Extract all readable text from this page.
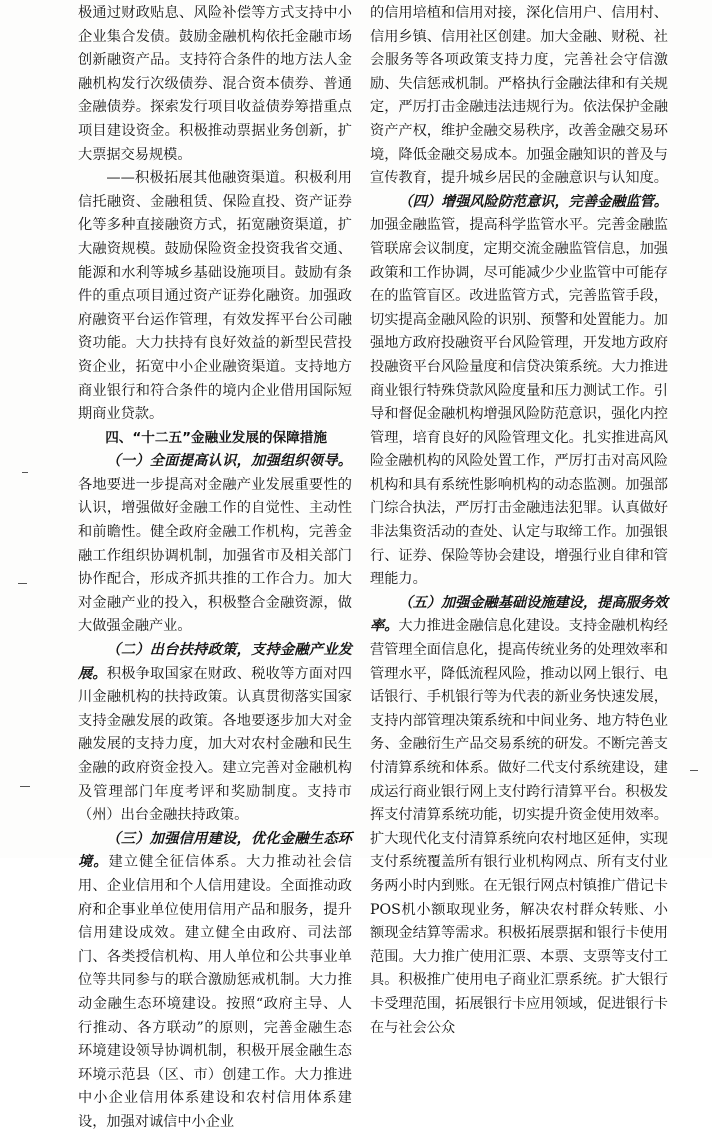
极通过财政贴息、风险补偿等方式支持中小企业集合发债。鼓励金融机构依托金融市场创新融资产品。支持符合条件的地方法人金融机构发行次级债券、混合资本债券、普通金融债券。探索发行项目收益债券筹措重点项目建设资金。积极推动票据业务创新，扩大票据交易规模。

——积极拓展其他融资渠道。积极利用信托融资、金融租赁、保险直投、资产证券化等多种直接融资方式，拓宽融资渠道，扩大融资规模。鼓励保险资金投资我省交通、能源和水利等城乡基础设施项目。鼓励有条件的重点项目通过资产证券化融资。加强政府融资平台运作管理，有效发挥平台公司融资功能。大力扶持有良好效益的新型民营投资企业，拓宽中小企业融资渠道。支持地方商业银行和符合条件的境内企业借用国际短期商业贷款。

四、“十二五”金融业发展的保障措施

（一）全面提高认识，加强组织领导。各地要进一步提高对金融产业发展重要性的认识，增强做好金融工作的自觉性、主动性和前瞻性。健全政府金融工作机构，完善金融工作组织协调机制，加强省市及相关部门协作配合，形成齐抓共推的工作合力。加大对金融产业的投入，积极整合金融资源，做大做强金融产业。

（二）出台扶持政策，支持金融产业发展。积极争取国家在财政、税收等方面对四川金融机构的扶持政策。认真贯彻落实国家支持金融发展的政策。各地要逐步加大对金融发展的支持力度，加大对农村金融和民生金融的政府资金投入。建立完善对金融机构及管理部门年度考评和奖励制度。支持市（州）出台金融扶持政策。

（三）加强信用建设，优化金融生态环境。建立健全征信体系。大力推动社会信用、企业信用和个人信用建设。全面推动政府和企事业单位使用信用产品和服务，提升信用建设成效。建立健全由政府、司法部门、各类授信机构、用人单位和公共事业单位等共同参与的联合激励惩戒机制。大力推动金融生态环境建设。按照“政府主导、人行推动、各方联动”的原则，完善金融生态环境建设领导协调机制，积极开展金融生态环境示范县（区、市）创建工作。大力推进中小企业信用体系建设和农村信用体系建设，加强对诚信中小企业

的信用培植和信用对接，深化信用户、信用村、信用乡镇、信用社区创建。加大金融、财税、社会服务等各项政策支持力度，完善社会守信激励、失信惩戒机制。严格执行金融法律和有关规定，严厉打击金融违法违规行为。依法保护金融资产产权，维护金融交易秩序，改善金融交易环境，降低金融交易成本。加强金融知识的普及与宣传教育，提升城乡居民的金融意识与认知度。

（四）增强风险防范意识，完善金融监管。加强金融监管，提高科学监管水平。完善金融监管联席会议制度，定期交流金融监管信息，加强政策和工作协调，尽可能减少少业监管中可能存在的监管盲区。改进监管方式，完善监管手段，切实提高金融风险的识别、预警和处置能力。加强地方政府投融资平台风险管理，开发地方政府投融资平台风险量度和信贷决策系统。大力推进商业银行特殊贷款风险度量和压力测试工作。引导和督促金融机构增强风险防范意识，强化内控管理，培育良好的风险管理文化。扎实推进高风险金融机构的风险处置工作，严厉打击对高风险机构和具有系统性影响机构的动态监测。加强部门综合执法，严厉打击金融违法犯罪。认真做好非法集资活动的查处、认定与取缔工作。加强银行、证券、保险等协会建设，增强行业自律和管理能力。

（五）加强金融基础设施建设，提高服务效率。大力推进金融信息化建设。支持金融机构经营管理全面信息化，提高传统业务的处理效率和管理水平，降低流程风险，推动以网上银行、电话银行、手机银行等为代表的新业务快速发展，支持内部管理决策系统和中间业务、地方特色业务、金融衍生产品交易系统的研发。不断完善支付清算系统和体系。做好二代支付系统建设，建成运行商业银行网上支付跨行清算平台。积极发挥支付清算系统功能，切实提升资金使用效率。扩大现代化支付清算系统向农村地区延伸，实现支付系统覆盖所有银行业机构网点、所有支付业务两小时内到账。在无银行网点村镇推广借记卡POS机小额取现业务，解决农村群众转账、小额现金结算等需求。积极拓展票据和银行卡使用范围。大力推广使用汇票、本票、支票等支付工具。积极推广使用电子商业汇票系统。扩大银行卡受理范围，拓展银行卡应用领域，促进银行卡在与社会公众
